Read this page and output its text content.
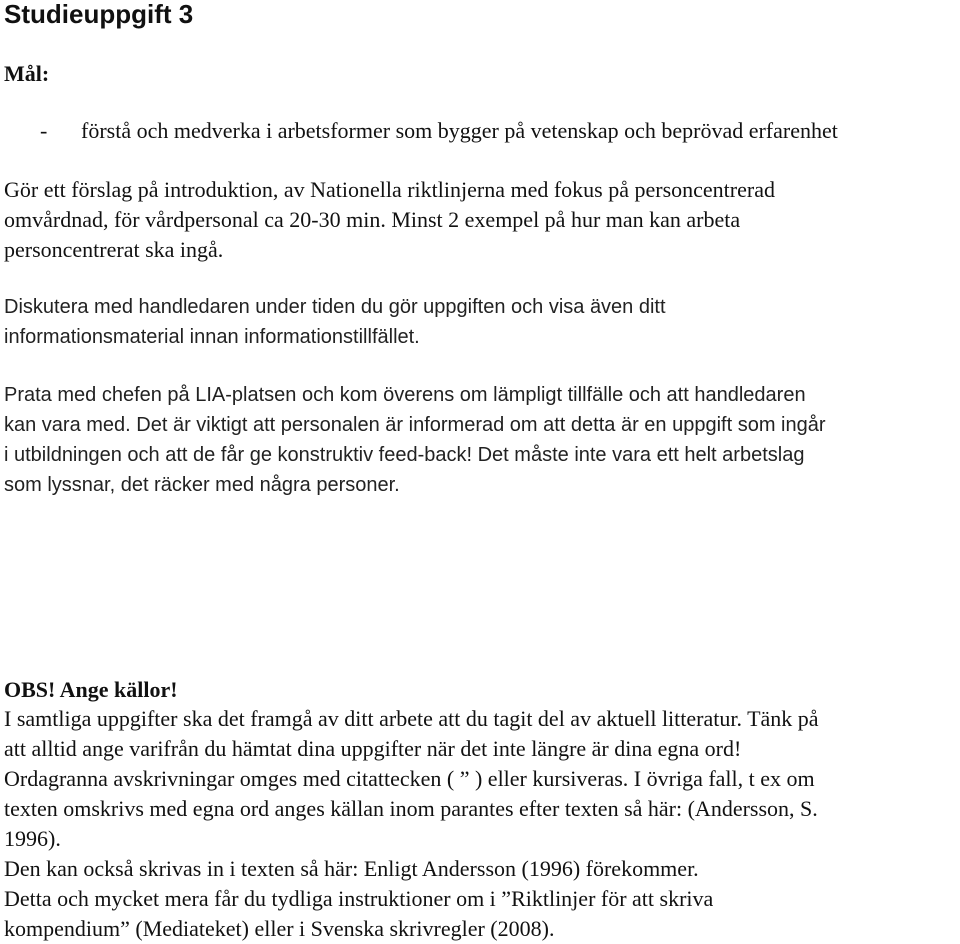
Studieuppgift 3

Mål:

- förstå och medverka i arbetsformer som bygger på vetenskap och beprövad erfarenhet

Gör ett förslag på introduktion, av Nationella riktlinjerna med fokus på personcentrerad
omvårdnad, för vårdpersonal ca 20-30 min. Minst 2 exempel på hur man kan arbeta
personcentrerat ska ingå.

Diskutera med handledaren under tiden du gör uppgiften och visa även ditt
informationsmaterial innan informationstillfället.

Prata med chefen på LIA-platsen och kom överens om lämpligt tillfälle och att handledaren
kan vara med. Det är viktigt att personalen är informerad om att detta är en uppgift som ingår
i utbildningen och att de får ge konstruktiv feed-back! Det måste inte vara ett helt arbetslag
som lyssnar, det räcker med några personer.

OBS! Ange källor!

I samtliga uppgifter ska det framgå av ditt arbete att du tagit del av aktuell litteratur. Tänk på
att alltid ange varifrån du hämtat dina uppgifter när det inte längre är dina egna ord!
Ordagranna avskrivningar omges med citattecken ( ” ) eller kursiveras. I övriga fall, t ex om
texten omskrivs med egna ord anges källan inom parantes efter texten så här: (Andersson, S.
1996).
Den kan också skrivas in i texten så här: Enligt Andersson (1996) förekommer.
Detta och mycket mera får du tydliga instruktioner om i ”Riktlinjer för att skriva
kompendium” (Mediateket) eller i Svenska skrivregler (2008).
